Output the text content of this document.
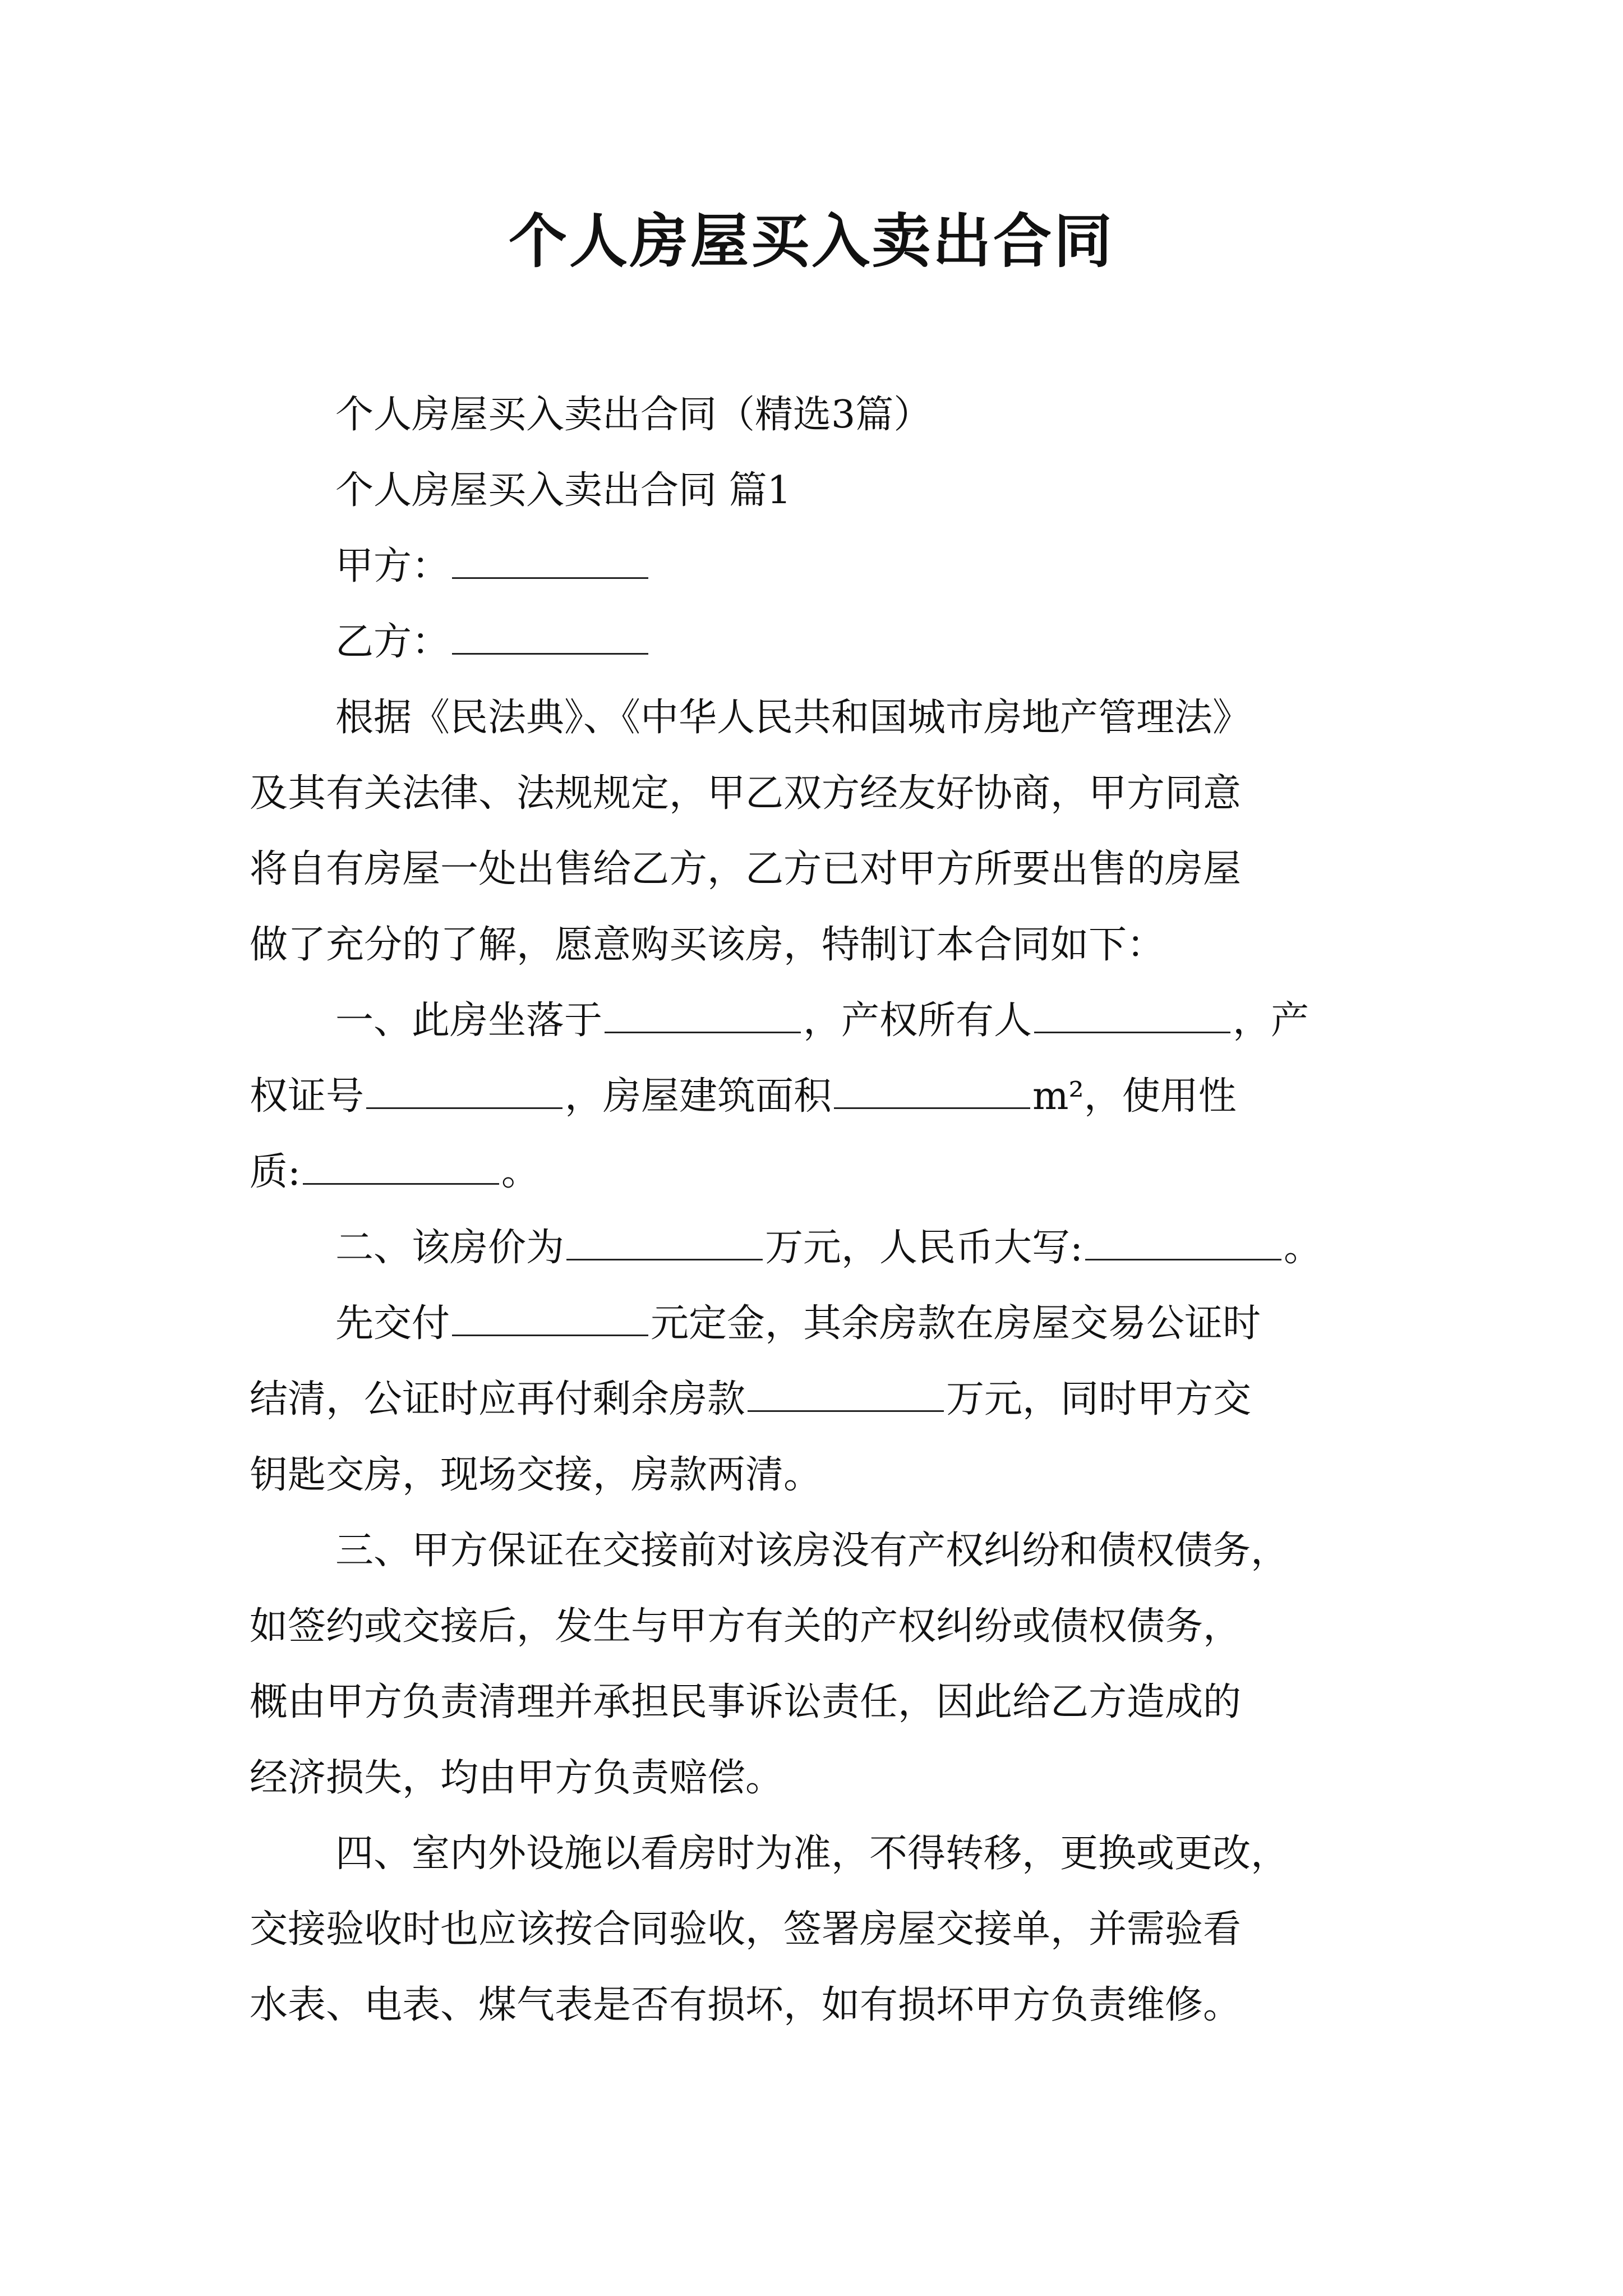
个人房屋买入卖出合同
个人房屋买入卖出合同（精选3篇）
个人房屋买入卖出合同 篇1
甲方：
乙方：
根据《民法典》、《中华人民共和国城市房地产管理法》
及其有关法律、法规规定，甲乙双方经友好协商，甲方同意
将自有房屋一处出售给乙方，乙方已对甲方所要出售的房屋
做了充分的了解，愿意购买该房，特制订本合同如下：
一、此房坐落于	，产权所有人	，产
权证号	，房屋建筑面积	m²，使用性
质:	。
二、该房价为	万元，人民币大写:	。
先交付	元定金，其余房款在房屋交易公证时
结清，公证时应再付剩余房款	万元，同时甲方交
钥匙交房，现场交接，房款两清。
三、甲方保证在交接前对该房没有产权纠纷和债权债务，
如签约或交接后，发生与甲方有关的产权纠纷或债权债务，
概由甲方负责清理并承担民事诉讼责任，因此给乙方造成的
经济损失，均由甲方负责赔偿。
四、室内外设施以看房时为准，不得转移，更换或更改，
交接验收时也应该按合同验收，签署房屋交接单，并需验看
水表、电表、煤气表是否有损坏，如有损坏甲方负责维修。
